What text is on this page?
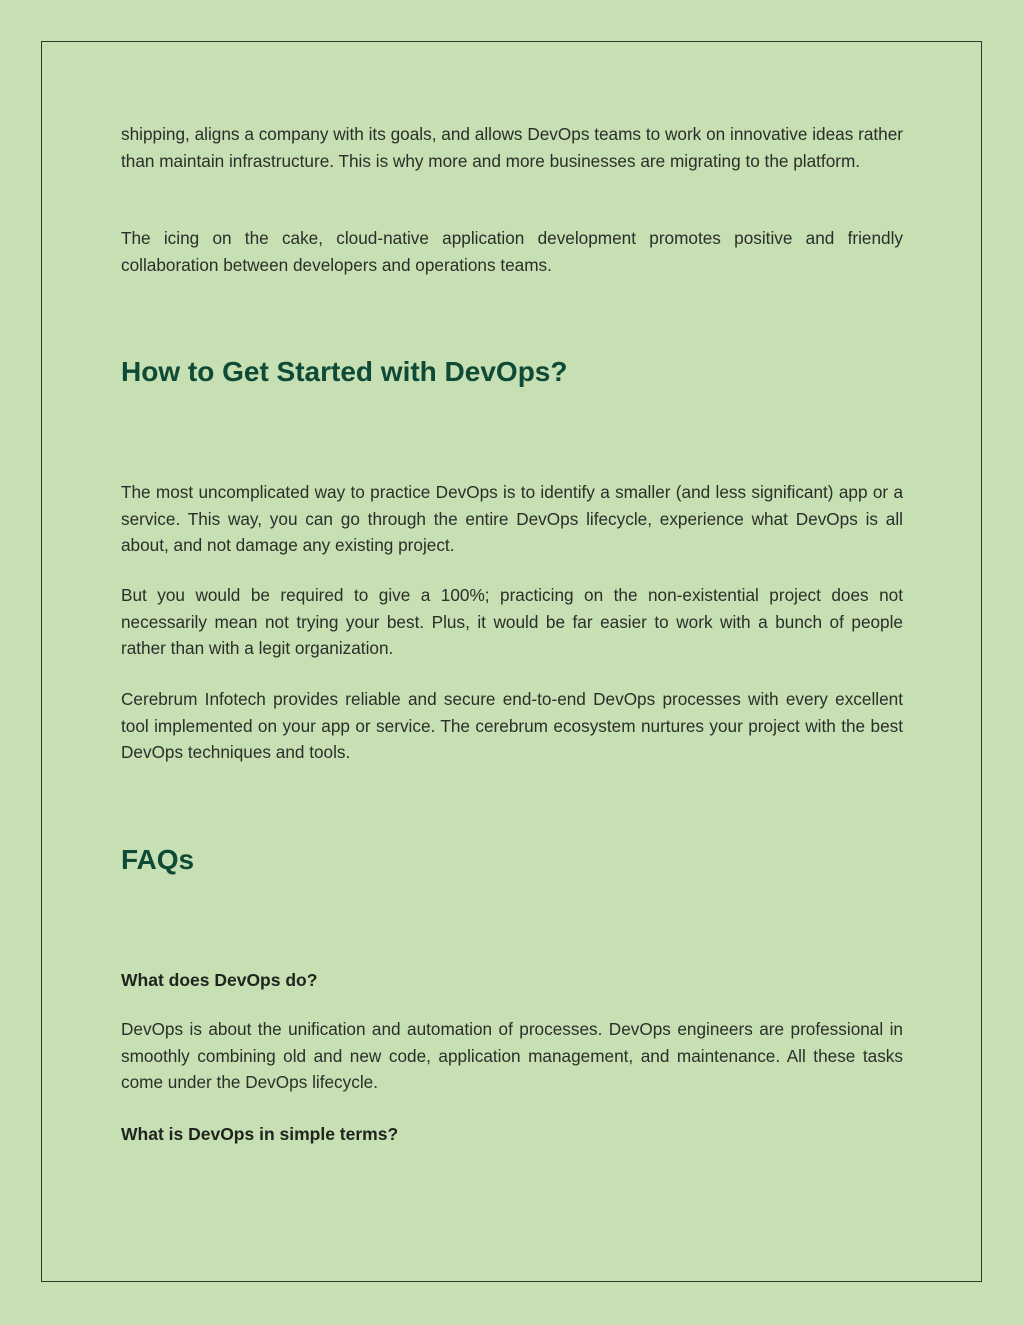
shipping, aligns a company with its goals, and allows DevOps teams to work on innovative ideas rather than maintain infrastructure. This is why more and more businesses are migrating to the platform.

The icing on the cake, cloud-native application development promotes positive and friendly collaboration between developers and operations teams.

How to Get Started with DevOps?

The most uncomplicated way to practice DevOps is to identify a smaller (and less significant) app or a service. This way, you can go through the entire DevOps lifecycle, experience what DevOps is all about, and not damage any existing project.

But you would be required to give a 100%; practicing on the non-existential project does not necessarily mean not trying your best. Plus, it would be far easier to work with a bunch of people rather than with a legit organization.

Cerebrum Infotech provides reliable and secure end-to-end DevOps processes with every excellent tool implemented on your app or service. The cerebrum ecosystem nurtures your project with the best DevOps techniques and tools.

FAQs
What does DevOps do?

DevOps is about the unification and automation of processes. DevOps engineers are professional in smoothly combining old and new code, application management, and maintenance. All these tasks come under the DevOps lifecycle.

What is DevOps in simple terms?
